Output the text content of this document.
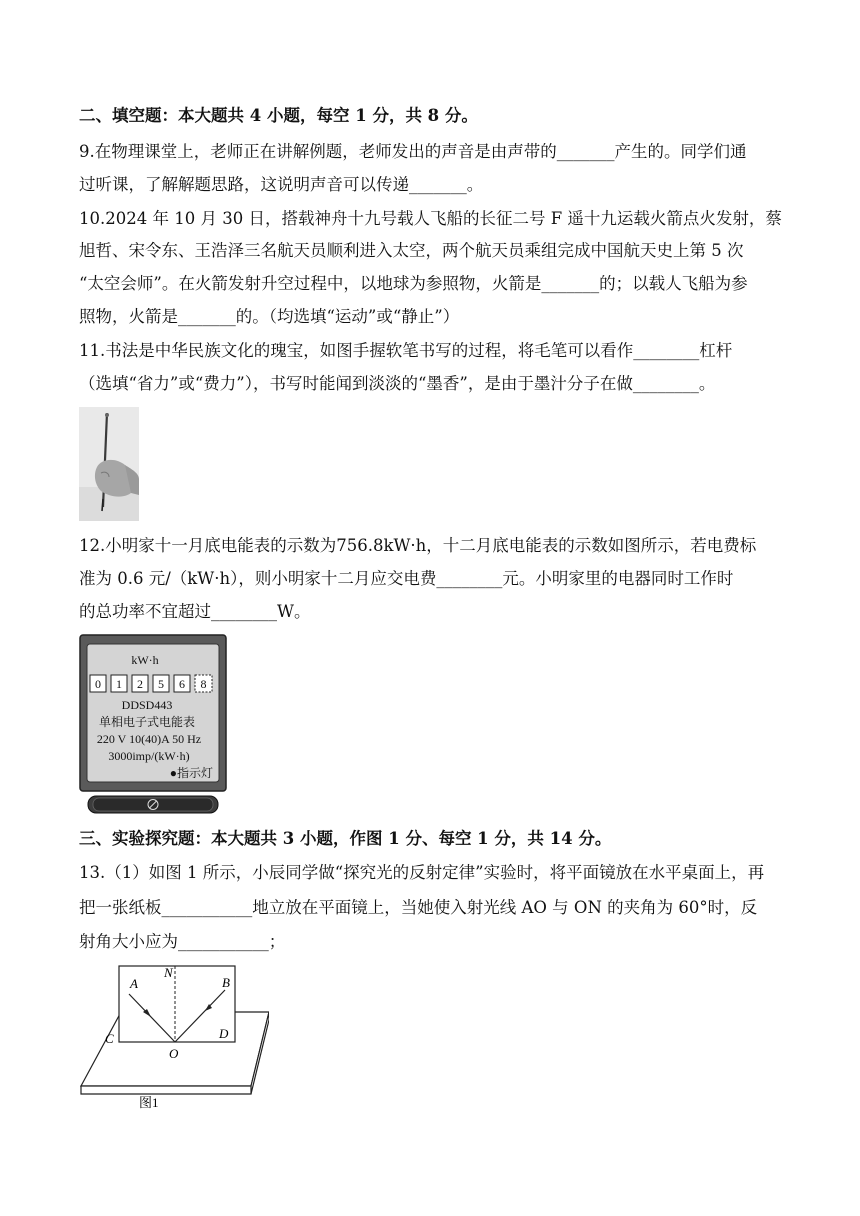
二、填空题：本大题共 4 小题，每空 1 分，共 8 分。
9.在物理课堂上，老师正在讲解例题，老师发出的声音是由声带的_______产生的。同学们通
过听课，了解解题思路，这说明声音可以传递_______。
10.2024 年 10 月 30 日，搭载神舟十九号载人飞船的长征二号 F 遥十九运载火箭点火发射，蔡
旭哲、宋令东、王浩泽三名航天员顺利进入太空，两个航天员乘组完成中国航天史上第 5 次
“太空会师”。在火箭发射升空过程中，以地球为参照物，火箭是_______的；以载人飞船为参
照物，火箭是_______的。（均选填“运动”或“静止”）
11.书法是中华民族文化的瑰宝，如图手握软笔书写的过程，将毛笔可以看作________杠杆
（选填“省力”或“费力”），书写时能闻到淡淡的“墨香”，是由于墨汁分子在做________。
12.小明家十一月底电能表的示数为756.8kW·h，十二月底电能表的示数如图所示，若电费标
准为 0.6 元/（kW·h），则小明家十二月应交电费________元。小明家里的电器同时工作时
的总功率不宜超过________W。
kW·h
0 1 2 5 6 8
DDSD443
单相电子式电能表
220 V 10(40)A 50 Hz
3000imp/(kW·h)
●指示灯
三、实验探究题：本大题共 3 小题，作图 1 分、每空 1 分，共 14 分。
13.（1）如图 1 所示，小辰同学做“探究光的反射定律”实验时，将平面镜放在水平桌面上，再
把一张纸板___________地立放在平面镜上，当她使入射光线 AO 与 ON 的夹角为 60°时，反
射角大小应为___________；
N
A	B
C	D
O
图1
